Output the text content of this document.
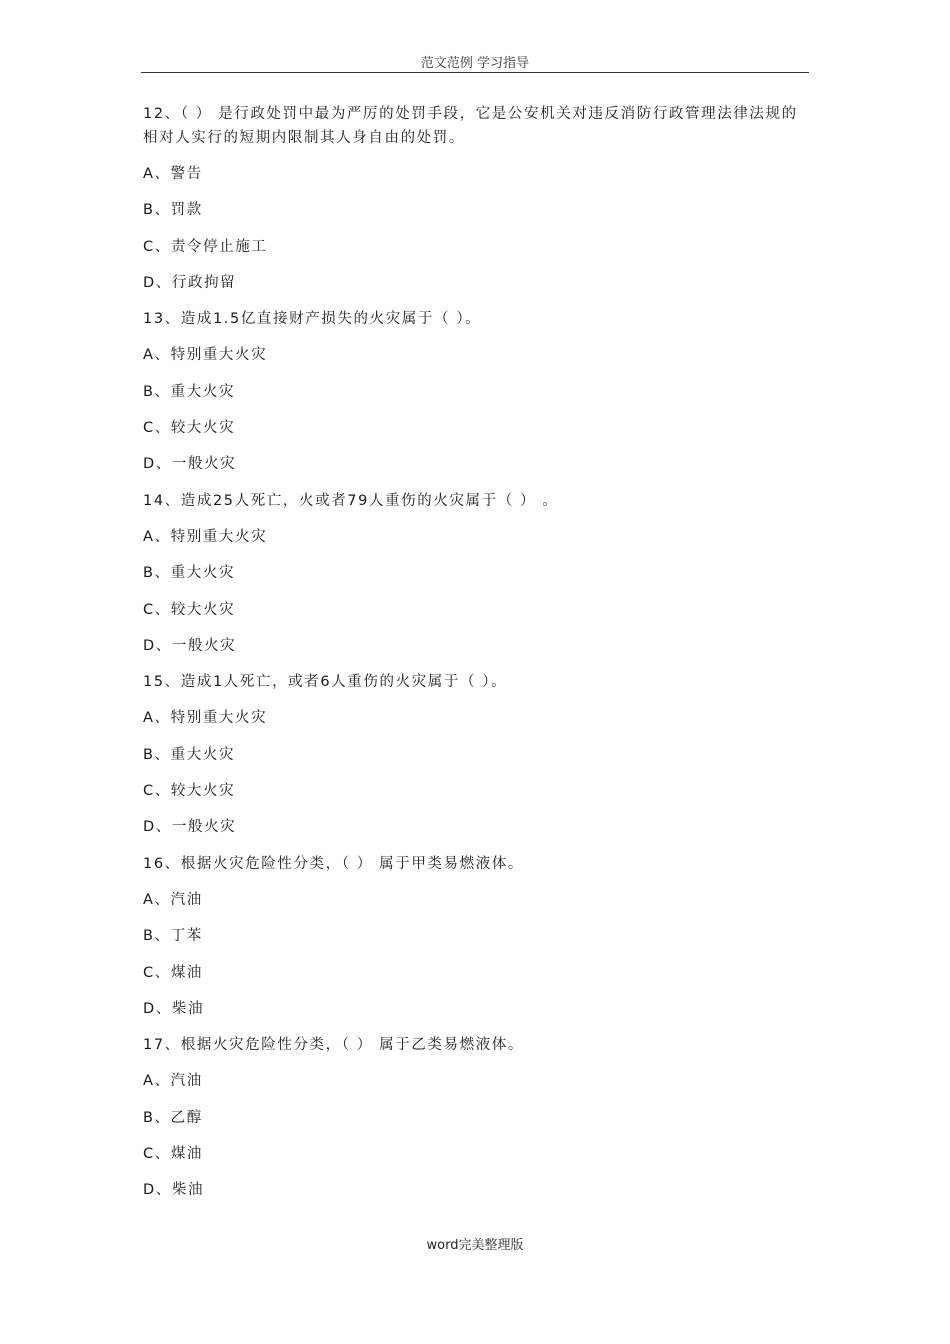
范文范例 学习指导
12、（ ） 是行政处罚中最为严厉的处罚手段，它是公安机关对违反消防行政管理法律法规的相对人实行的短期内限制其人身自由的处罚。
A、警告
B、罚款
C、责令停止施工
D、行政拘留
13、造成1.5亿直接财产损失的火灾属于（ ）。
A、特别重大火灾
B、重大火灾
C、较大火灾
D、一般火灾
14、造成25人死亡，火或者79人重伤的火灾属于（ ） 。
A、特别重大火灾
B、重大火灾
C、较大火灾
D、一般火灾
15、造成1人死亡，或者6人重伤的火灾属于（ ）。
A、特别重大火灾
B、重大火灾
C、较大火灾
D、一般火灾
16、根据火灾危险性分类，（ ） 属于甲类易燃液体。
A、汽油
B、丁苯
C、煤油
D、柴油
17、根据火灾危险性分类，（ ） 属于乙类易燃液体。
A、汽油
B、乙醇
C、煤油
D、柴油
word完美整理版
